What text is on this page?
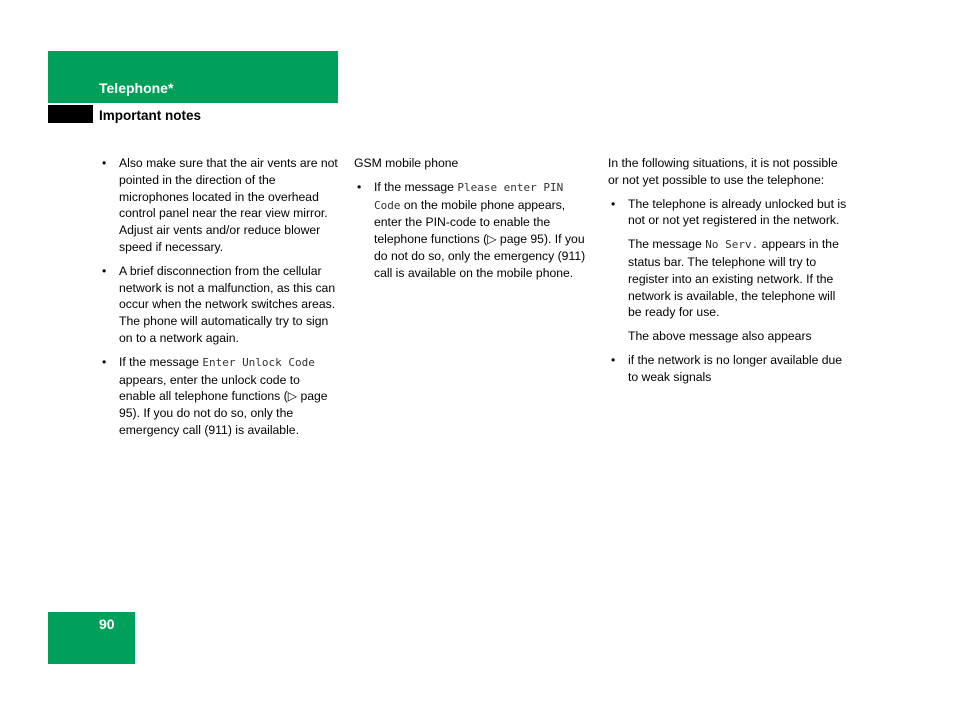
Telephone*
Important notes
• Also make sure that the air vents are not pointed in the direction of the microphones located in the overhead control panel near the rear view mirror. Adjust air vents and/or reduce blower speed if necessary.
• A brief disconnection from the cellular network is not a malfunction, as this can occur when the network switches areas. The phone will automatically try to sign on to a network again.
• If the message Enter Unlock Code appears, enter the unlock code to enable all telephone functions (▷ page 95). If you do not do so, only the emergency call (911) is available.

GSM mobile phone

• If the message Please enter PIN Code on the mobile phone appears, enter the PIN-code to enable the telephone functions (▷ page 95). If you do not do so, only the emergency (911) call is available on the mobile phone.

In the following situations, it is not possible or not yet possible to use the telephone:

• The telephone is already unlocked but is not or not yet registered in the network.

The message No Serv. appears in the status bar. The telephone will try to register into an existing network. If the network is available, the telephone will be ready for use.

The above message also appears

• if the network is no longer available due to weak signals
90
